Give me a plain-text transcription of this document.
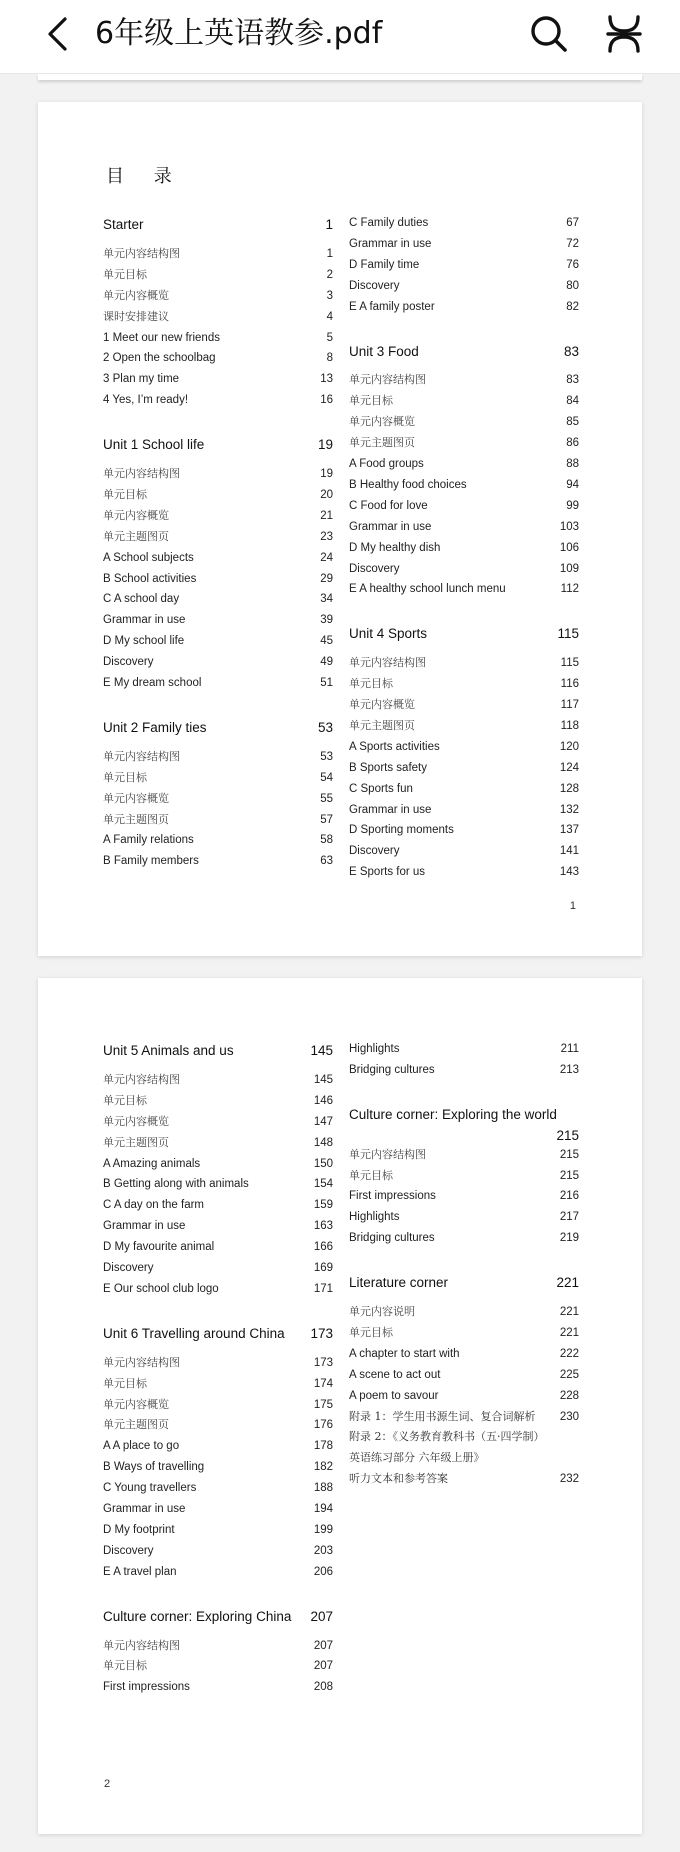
6年级上英语教参.pdf
目 录
Starter	1
单元内容结构图	1
单元目标	2
单元内容概览	3
课时安排建议	4
1 Meet our new friends	5
2 Open the schoolbag	8
3 Plan my time	13
4 Yes, I’m ready!	16
Unit 1 School life	19
单元内容结构图	19
单元目标	20
单元内容概览	21
单元主题图页	23
A School subjects	24
B School activities	29
C A school day	34
Grammar in use	39
D My school life	45
Discovery	49
E My dream school	51
Unit 2 Family ties	53
单元内容结构图	53
单元目标	54
单元内容概览	55
单元主题图页	57
A Family relations	58
B Family members	63
C Family duties	67
Grammar in use	72
D Family time	76
Discovery	80
E A family poster	82
Unit 3 Food	83
单元内容结构图	83
单元目标	84
单元内容概览	85
单元主题图页	86
A Food groups	88
B Healthy food choices	94
C Food for love	99
Grammar in use	103
D My healthy dish	106
Discovery	109
E A healthy school lunch menu	112
Unit 4 Sports	115
单元内容结构图	115
单元目标	116
单元内容概览	117
单元主题图页	118
A Sports activities	120
B Sports safety	124
C Sports fun	128
Grammar in use	132
D Sporting moments	137
Discovery	141
E Sports for us	143
1
Unit 5 Animals and us	145
单元内容结构图	145
单元目标	146
单元内容概览	147
单元主题图页	148
A Amazing animals	150
B Getting along with animals	154
C A day on the farm	159
Grammar in use	163
D My favourite animal	166
Discovery	169
E Our school club logo	171
Unit 6 Travelling around China 173
单元内容结构图	173
单元目标	174
单元内容概览	175
单元主题图页	176
A A place to go	178
B Ways of travelling	182
C Young travellers	188
Grammar in use	194
D My footprint	199
Discovery	203
E A travel plan	206
Culture corner: Exploring China 207
单元内容结构图	207
单元目标	207
First impressions	208
Highlights	211
Bridging cultures	213
Culture corner: Exploring the world
215
单元内容结构图	215
单元目标	215
First impressions	216
Highlights	217
Bridging cultures	219
Literature corner	221
单元内容说明	221
单元目标	221
A chapter to start with	222
A scene to act out	225
A poem to savour	228
附录 1：学生用书源生词、复合词解析 230
附录 2：《义务教育教科书（五·四学制）
英语练习部分 六年级上册》
听力文本和参考答案	232
2
